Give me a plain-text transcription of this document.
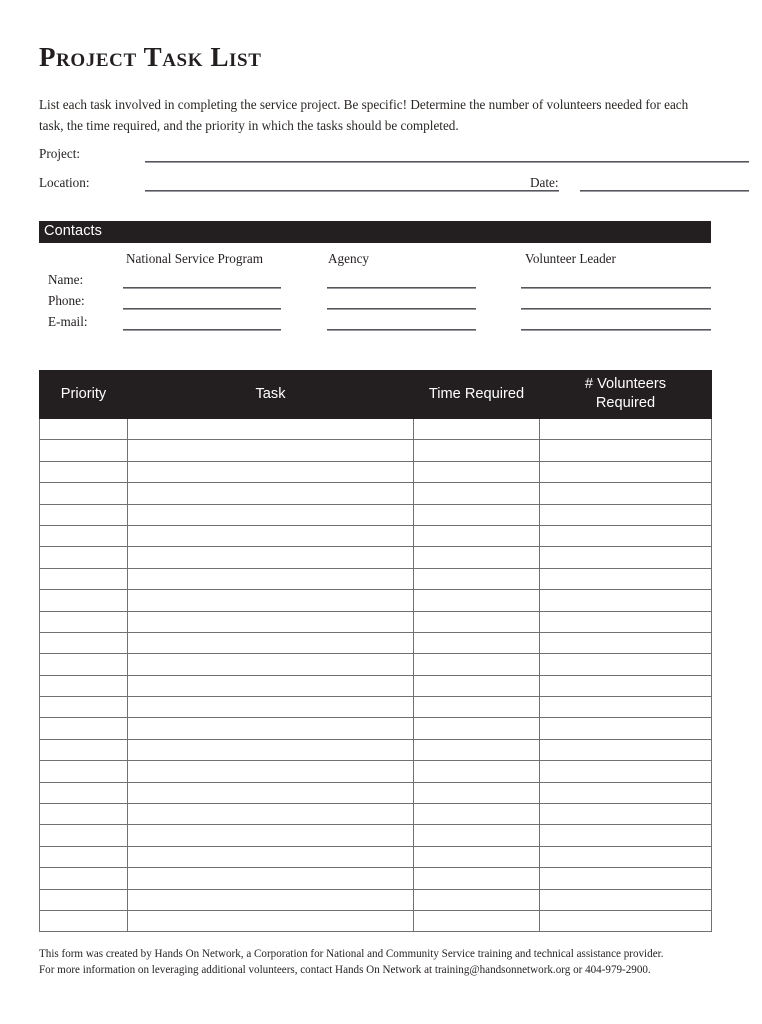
Project Task List
List each task involved in completing the service project. Be specific! Determine the number of volunteers needed for each task, the time required, and the priority in which the tasks should be completed.
Project:
Location:	Date:
Contacts
National Service Program	Agency	Volunteer Leader
Name:
Phone:
E-mail:
Priority	Task	Time Required	# Volunteers
Required

This form was created by Hands On Network, a Corporation for National and Community Service training and technical assistance provider.
For more information on leveraging additional volunteers, contact Hands On Network at training@handsonnetwork.org or 404-979-2900.
